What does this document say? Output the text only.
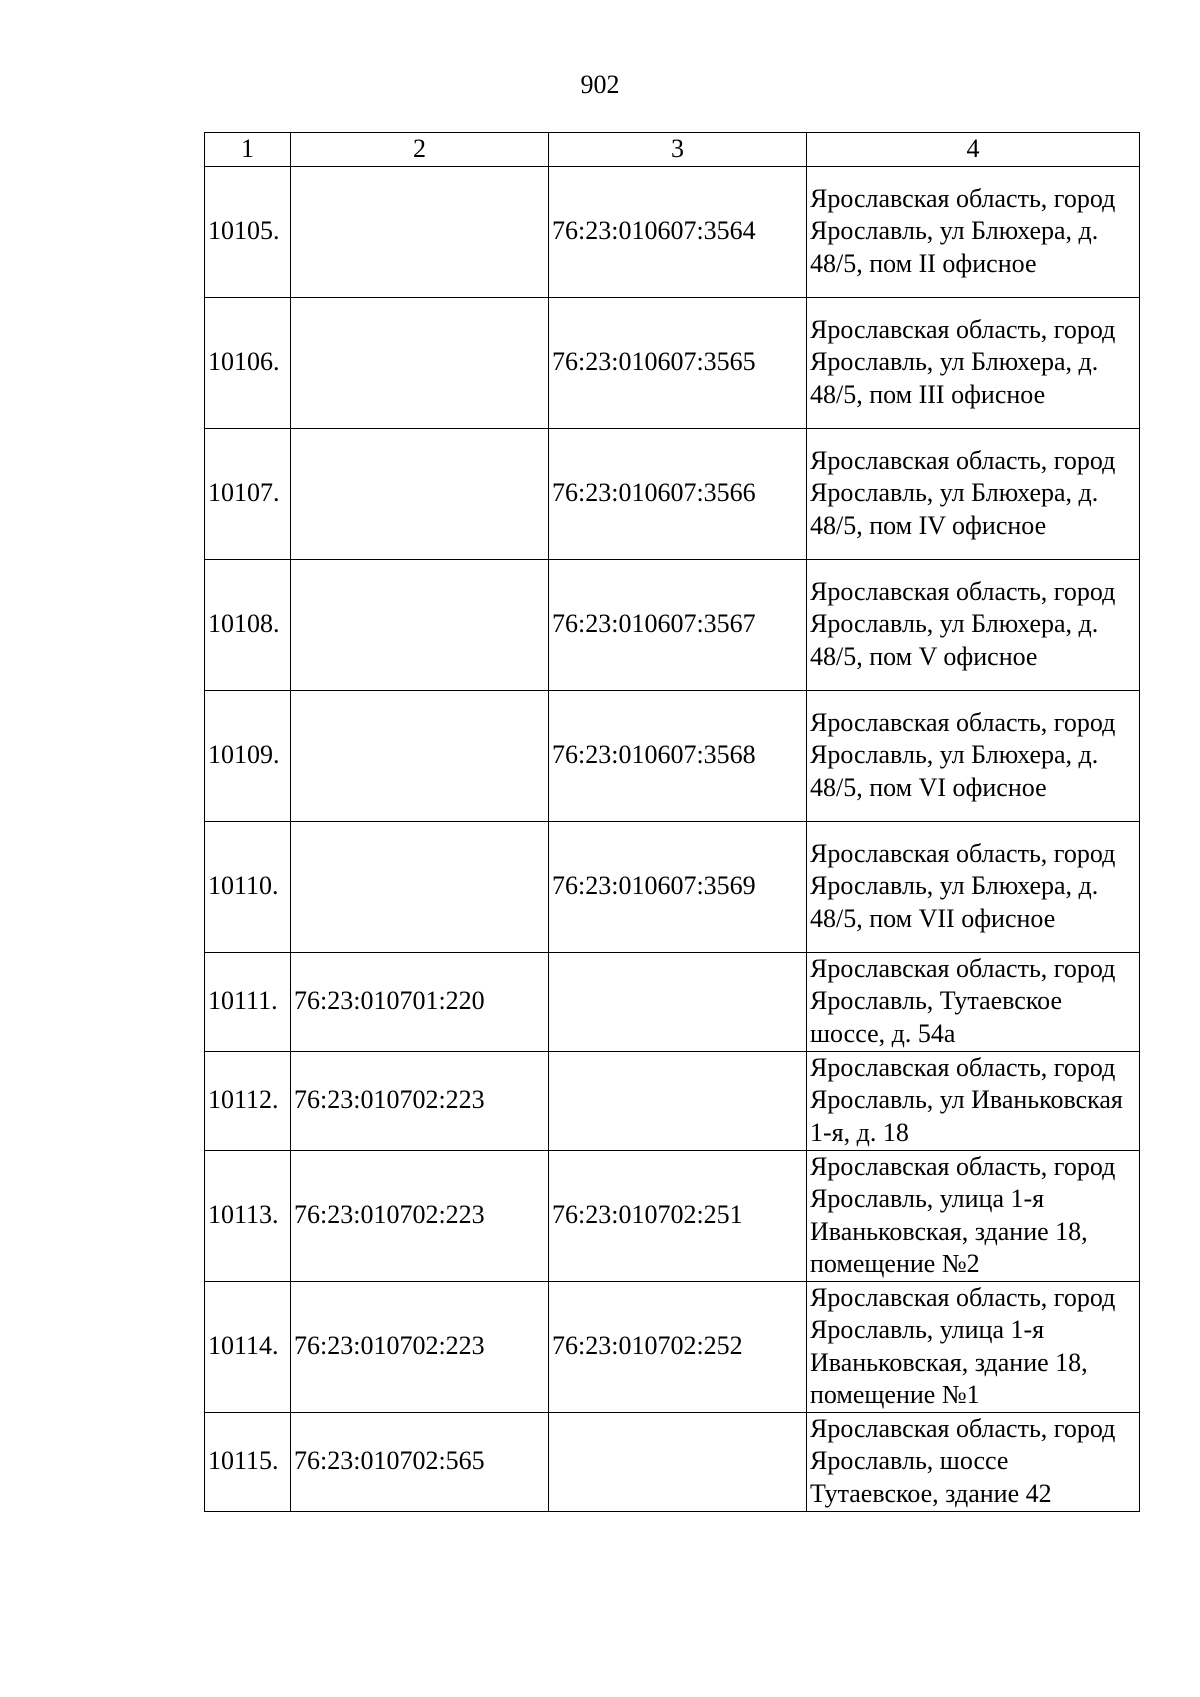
902
1	2	3	4
10105.		76:23:010607:3564	Ярославская область, город Ярославль, ул Блюхера, д. 48/5, пом II офисное
10106.		76:23:010607:3565	Ярославская область, город Ярославль, ул Блюхера, д. 48/5, пом III офисное
10107.		76:23:010607:3566	Ярославская область, город Ярославль, ул Блюхера, д. 48/5, пом IV офисное
10108.		76:23:010607:3567	Ярославская область, город Ярославль, ул Блюхера, д. 48/5, пом V офисное
10109.		76:23:010607:3568	Ярославская область, город Ярославль, ул Блюхера, д. 48/5, пом VI офисное
10110.		76:23:010607:3569	Ярославская область, город Ярославль, ул Блюхера, д. 48/5, пом VII офисное
10111.	76:23:010701:220		Ярославская область, город Ярославль, Тутаевское шоссе, д. 54а
10112.	76:23:010702:223		Ярославская область, город Ярославль, ул Иваньковская 1-я, д. 18
10113.	76:23:010702:223	76:23:010702:251	Ярославская область, город Ярославль, улица 1-я Иваньковская, здание 18, помещение №2
10114.	76:23:010702:223	76:23:010702:252	Ярославская область, город Ярославль, улица 1-я Иваньковская, здание 18, помещение №1
10115.	76:23:010702:565		Ярославская область, город Ярославль, шоссе Тутаевское, здание 42
